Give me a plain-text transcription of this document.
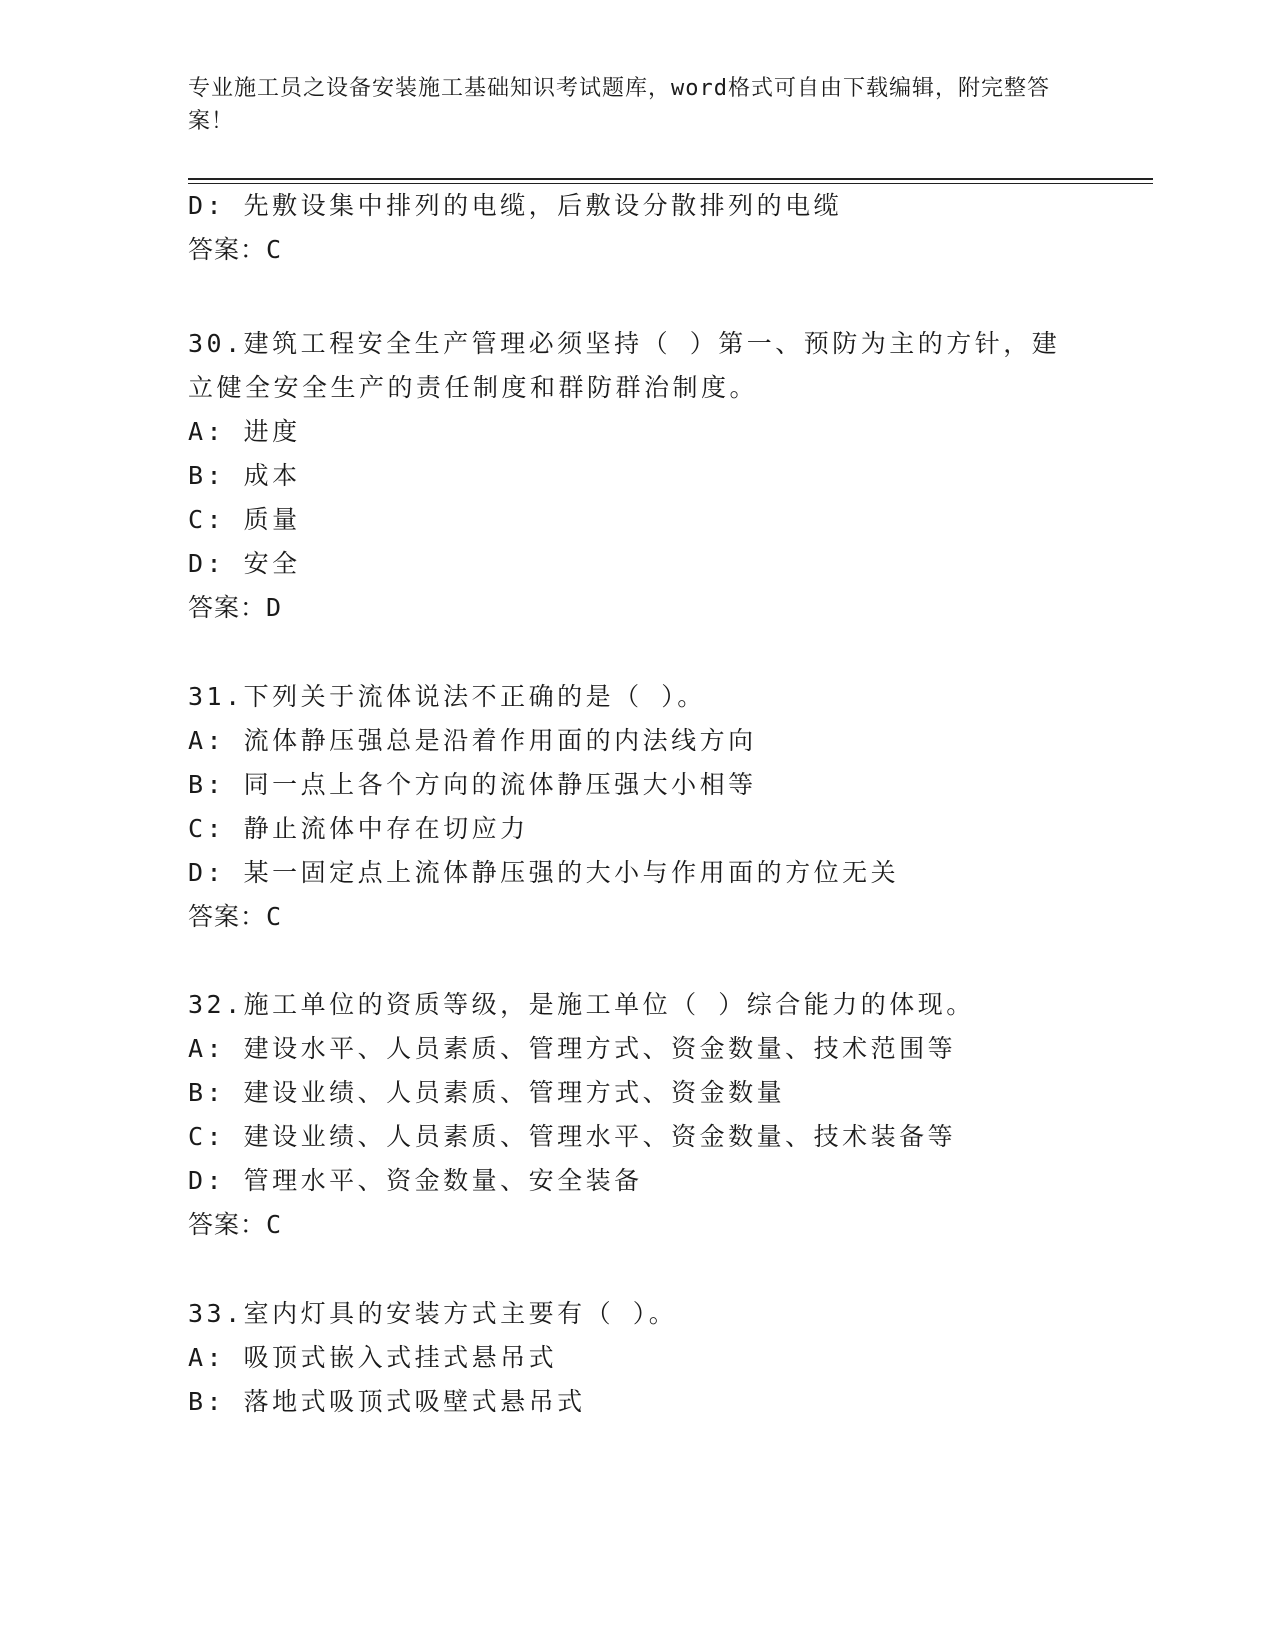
专业施工员之设备安装施工基础知识考试题库，word格式可自由下载编辑，附完整答案！
D: 先敷设集中排列的电缆，后敷设分散排列的电缆
答案：C
30.建筑工程安全生产管理必须坚持（ ）第一、预防为主的方针，建
立健全安全生产的责任制度和群防群治制度。
A: 进度
B: 成本
C: 质量
D: 安全
答案：D
31.下列关于流体说法不正确的是（ ）。
A: 流体静压强总是沿着作用面的内法线方向
B: 同一点上各个方向的流体静压强大小相等
C: 静止流体中存在切应力
D: 某一固定点上流体静压强的大小与作用面的方位无关
答案：C
32.施工单位的资质等级，是施工单位（ ）综合能力的体现。
A: 建设水平、人员素质、管理方式、资金数量、技术范围等
B: 建设业绩、人员素质、管理方式、资金数量
C: 建设业绩、人员素质、管理水平、资金数量、技术装备等
D: 管理水平、资金数量、安全装备
答案：C
33.室内灯具的安装方式主要有（ ）。
A: 吸顶式嵌入式挂式悬吊式
B: 落地式吸顶式吸壁式悬吊式
